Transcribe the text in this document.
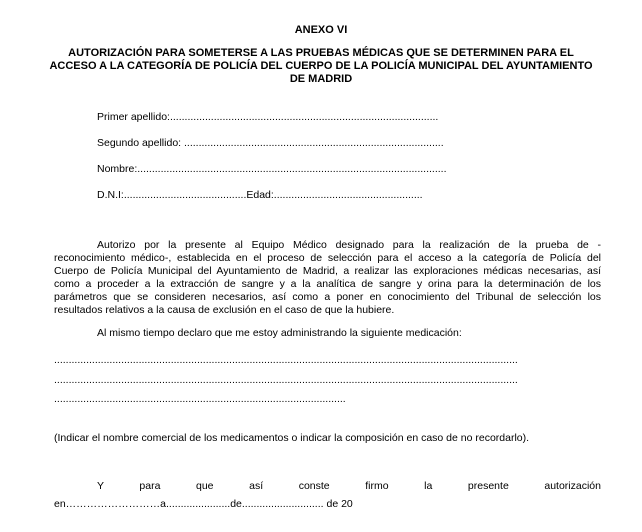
ANEXO VI
AUTORIZACIÓN PARA SOMETERSE A LAS PRUEBAS MÉDICAS QUE SE DETERMINEN PARA EL
ACCESO A LA CATEGORÍA DE POLICÍA DEL CUERPO DE LA POLICÍA MUNICIPAL DEL AYUNTAMIENTO
DE MADRID
Primer apellido:............................................................................................
Segundo apellido: .........................................................................................
Nombre:..........................................................................................................
D.N.I:..........................................Edad:...................................................
Autorizo por la presente al Equipo Médico designado para la realización de la prueba de -
reconocimiento médico-, establecida en el proceso de selección para el acceso a la categoría de Policía del
Cuerpo de Policía Municipal del Ayuntamiento de Madrid, a realizar las exploraciones médicas necesarias, así
como a proceder a la extracción de sangre y a la analítica de sangre y orina para la determinación de los
parámetros que se consideren necesarios, así como a poner en conocimiento del Tribunal de selección los
resultados relativos a la causa de exclusión en el caso de que la hubiere.
Al mismo tiempo declaro que me estoy administrando la siguiente medicación:
...............................................................................................................................................................
...............................................................................................................................................................
....................................................................................................
(Indicar el nombre comercial de los medicamentos o indicar la composición en caso de no recordarlo).
Y para que así conste firmo la presente autorización
en………………………a......................de............................ de 20
